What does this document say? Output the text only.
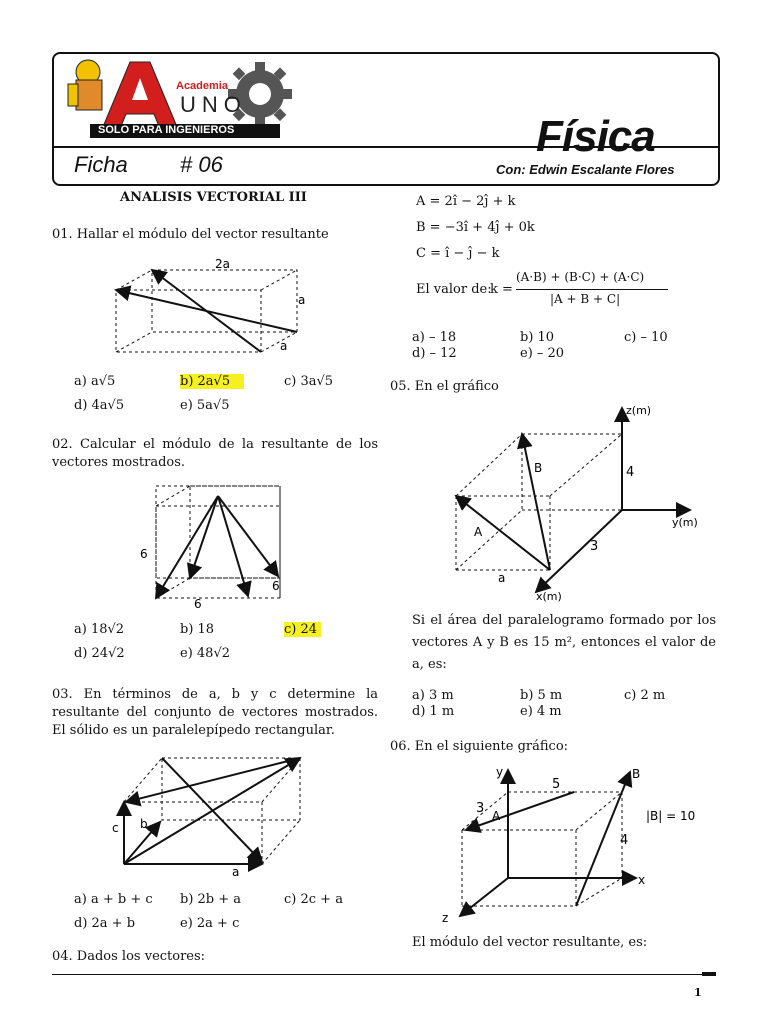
Academia
UNO
SOLO PARA INGENIEROS	Física
Ficha # 06	Con: Edwin Escalante Flores
ANALISIS VECTORIAL III
01. Hallar el módulo del vector resultante
2a
a
a
a) a√5	b) 2a√5	c) 3a√5
d) 4a√5	e) 5a√5
02. Calcular el módulo de la resultante de los vectores mostrados.
6
6
6
a) 18√2	b) 18	c) 24
d) 24√2	e) 48√2
03. En términos de a, b y c determine la resultante del conjunto de vectores mostrados. El sólido es un paralelepípedo rectangular.
c b
a
a) a + b + c b) 2b + a	c) 2c + a
d) 2a + b	e) 2a + c
04. Dados los vectores:
A = 2î − 2ĵ + k
B = −3î + 4ĵ + 0k
C = î − ĵ − k
El valor de:
k =
(A·B) + (B·C) + (A·C)
|A + B + C|
a) – 18	b) 10	c) – 10
d) – 12	e) – 20
05. En el gráfico
z(m)
y(m)
x(m)
4
3
a
A
B
Si el área del paralelogramo formado por los vectores A y B es 15 m², entonces el valor de a, es:
a) 3 m	b) 5 m	c) 2 m
d) 1 m	e) 4 m
06. En el siguiente gráfico:
y
x
z
5
3
4
A
B
|B| = 10
El módulo del vector resultante, es:
1
